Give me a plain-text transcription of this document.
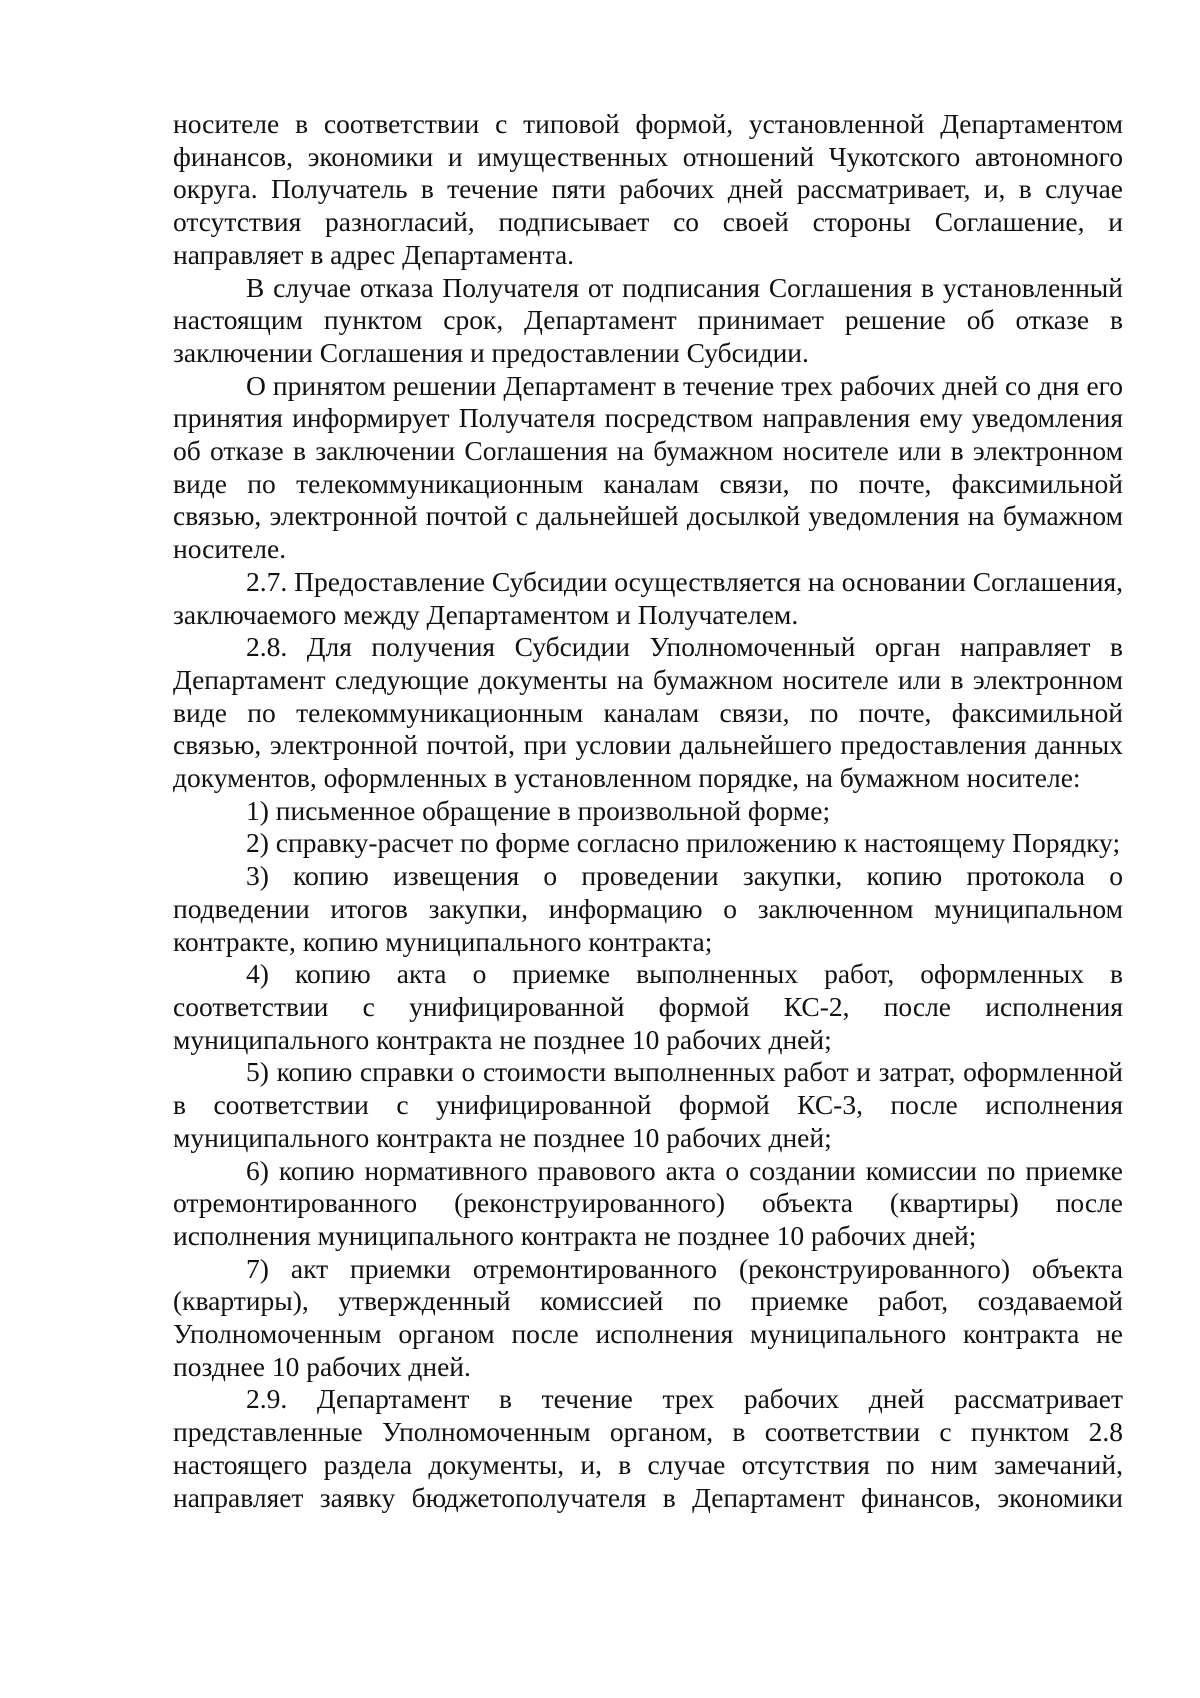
носителе в соответствии с типовой формой, установленной Департаментом финансов, экономики и имущественных отношений Чукотского автономного округа. Получатель в течение пяти рабочих дней рассматривает, и, в случае отсутствия разногласий, подписывает со своей стороны Соглашение, и направляет в адрес Департамента.

В случае отказа Получателя от подписания Соглашения в установленный настоящим пунктом срок, Департамент принимает решение об отказе в заключении Соглашения и предоставлении Субсидии.

О принятом решении Департамент в течение трех рабочих дней со дня его принятия информирует Получателя посредством направления ему уведомления об отказе в заключении Соглашения на бумажном носителе или в электронном виде по телекоммуникационным каналам связи, по почте, факсимильной связью, электронной почтой с дальнейшей досылкой уведомления на бумажном носителе.

2.7. Предоставление Субсидии осуществляется на основании Соглашения, заключаемого между Департаментом и Получателем.

2.8. Для получения Субсидии Уполномоченный орган направляет в Департамент следующие документы на бумажном носителе или в электронном виде по телекоммуникационным каналам связи, по почте, факсимильной связью, электронной почтой, при условии дальнейшего предоставления данных документов, оформленных в установленном порядке, на бумажном носителе:

1) письменное обращение в произвольной форме;

2) справку-расчет по форме согласно приложению к настоящему Порядку;

3) копию извещения о проведении закупки, копию протокола о подведении итогов закупки, информацию о заключенном муниципальном контракте, копию муниципального контракта;

4) копию акта о приемке выполненных работ, оформленных в соответствии с унифицированной формой КС-2, после исполнения муниципального контракта не позднее 10 рабочих дней;

5) копию справки о стоимости выполненных работ и затрат, оформленной в соответствии с унифицированной формой КС-3, после исполнения муниципального контракта не позднее 10 рабочих дней;

6) копию нормативного правового акта о создании комиссии по приемке отремонтированного (реконструированного) объекта (квартиры) после исполнения муниципального контракта не позднее 10 рабочих дней;

7) акт приемки отремонтированного (реконструированного) объекта (квартиры), утвержденный комиссией по приемке работ, создаваемой Уполномоченным органом после исполнения муниципального контракта не позднее 10 рабочих дней.

2.9. Департамент в течение трех рабочих дней рассматривает представленные Уполномоченным органом, в соответствии с пунктом 2.8 настоящего раздела документы, и, в случае отсутствия по ним замечаний, направляет заявку бюджетополучателя в Департамент финансов, экономики
